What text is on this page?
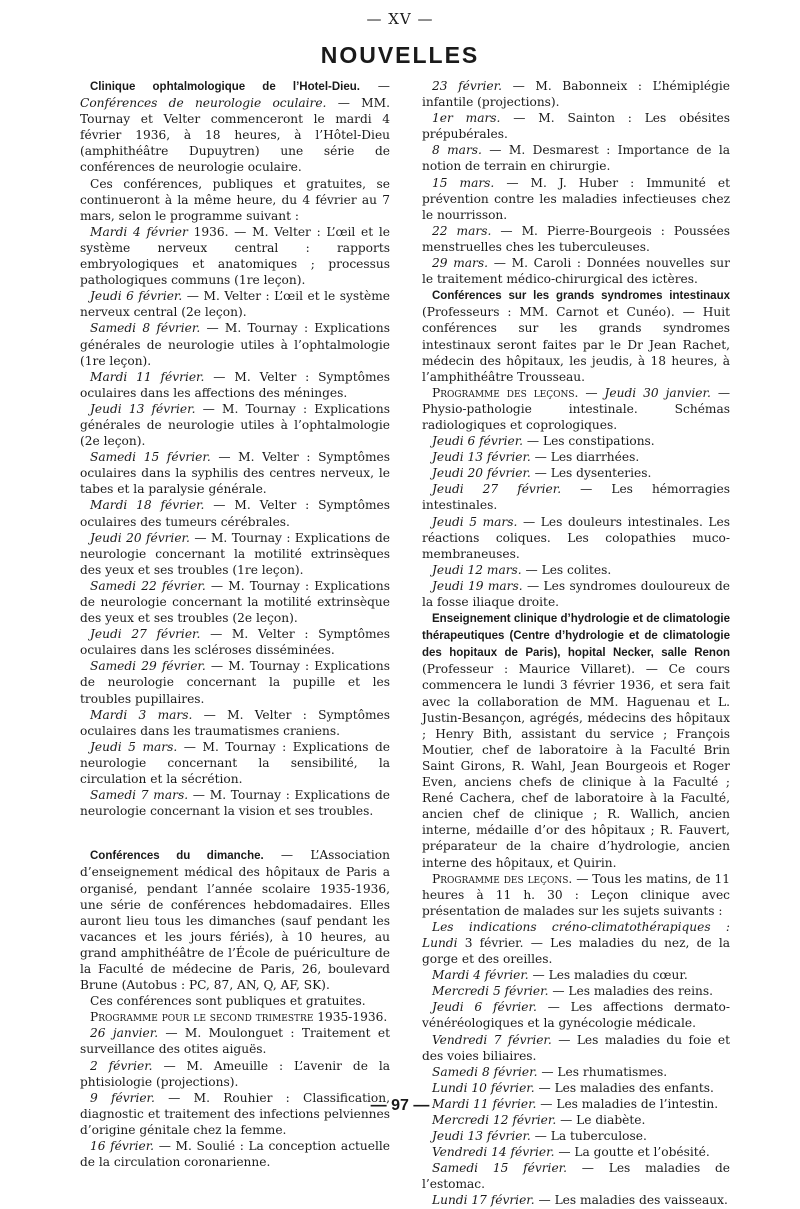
— XV —
NOUVELLES

Clinique ophtalmologique de l’Hotel-Dieu. — Conférences de neurologie oculaire. — MM. Tournay et Velter commenceront le mardi 4 février 1936, à 18 heures, à l’Hôtel-Dieu (amphithéâtre Dupuytren) une série de conférences de neurologie oculaire.

Ces conférences, publiques et gratuites, se continueront à la même heure, du 4 février au 7 mars, selon le programme suivant :

Mardi 4 février 1936. — M. Velter : L’œil et le système nerveux central : rapports embryologiques et anatomiques ; processus pathologiques communs (1re leçon).

Jeudi 6 février. — M. Velter : L’œil et le système nerveux central (2e leçon).

Samedi 8 février. — M. Tournay : Explications générales de neurologie utiles à l’ophtalmologie (1re leçon).

Mardi 11 février. — M. Velter : Symptômes oculaires dans les affections des méninges.

Jeudi 13 février. — M. Tournay : Explications générales de neurologie utiles à l’ophtalmologie (2e leçon).

Samedi 15 février. — M. Velter : Symptômes oculaires dans la syphilis des centres nerveux, le tabes et la paralysie générale.

Mardi 18 février. — M. Velter : Symptômes oculaires des tumeurs cérébrales.

Jeudi 20 février. — M. Tournay : Explications de neurologie concernant la motilité extrinsèques des yeux et ses troubles (1re leçon).

Samedi 22 février. — M. Tournay : Explications de neurologie concernant la motilité extrinsèque des yeux et ses troubles (2e leçon).

Jeudi 27 février. — M. Velter : Symptômes oculaires dans les scléroses disséminées.

Samedi 29 février. — M. Tournay : Explications de neurologie concernant la pupille et les troubles pupillaires.

Mardi 3 mars. — M. Velter : Symptômes oculaires dans les traumatismes craniens.

Jeudi 5 mars. — M. Tournay : Explications de neurologie concernant la sensibilité, la circulation et la sécrétion.

Samedi 7 mars. — M. Tournay : Explications de neurologie concernant la vision et ses troubles.

Conférences du dimanche. — L’Association d’enseignement médical des hôpitaux de Paris a organisé, pendant l’année scolaire 1935-1936, une série de conférences hebdomadaires. Elles auront lieu tous les dimanches (sauf pendant les vacances et les jours fériés), à 10 heures, au grand amphithéâtre de l’École de puériculture de la Faculté de médecine de Paris, 26, boulevard Brune (Autobus : PC, 87, AN, Q, AF, SK).

Ces conférences sont publiques et gratuites.

Programme pour le second trimestre 1935-1936.

26 janvier. — M. Moulonguet : Traitement et surveillance des otites aiguës.

2 février. — M. Ameuille : L’avenir de la phtisiologie (projections).

9 février. — M. Rouhier : Classification, diagnostic et traitement des infections pelviennes d’origine génitale chez la femme.

16 février. — M. Soulié : La conception actuelle de la circulation coronarienne.

23 février. — M. Babonneix : L’hémiplégie infantile (projections).

1er mars. — M. Sainton : Les obésites prépubérales.

8 mars. — M. Desmarest : Importance de la notion de terrain en chirurgie.

15 mars. — M. J. Huber : Immunité et prévention contre les maladies infectieuses chez le nourrisson.

22 mars. — M. Pierre-Bourgeois : Poussées menstruelles ches les tuberculeuses.

29 mars. — M. Caroli : Données nouvelles sur le traitement médico-chirurgical des ictères.

Conférences sur les grands syndromes intestinaux (Professeurs : MM. Carnot et Cunéo). — Huit conférences sur les grands syndromes intestinaux seront faites par le Dr Jean Rachet, médecin des hôpitaux, les jeudis, à 18 heures, à l’amphithéâtre Trousseau.

Programme des leçons. — Jeudi 30 janvier. — Physio-pathologie intestinale. Schémas radiologiques et coprologiques.

Jeudi 6 février. — Les constipations.

Jeudi 13 février. — Les diarrhées.

Jeudi 20 février. — Les dysenteries.

Jeudi 27 février. — Les hémorragies intestinales.

Jeudi 5 mars. — Les douleurs intestinales. Les réactions coliques. Les colopathies muco-membraneuses.

Jeudi 12 mars. — Les colites.

Jeudi 19 mars. — Les syndromes douloureux de la fosse iliaque droite.

Enseignement clinique d’hydrologie et de climatologie thérapeutiques (Centre d’hydrologie et de climatologie des hopitaux de Paris), hopital Necker, salle Renon (Professeur : Maurice Villaret). — Ce cours commencera le lundi 3 février 1936, et sera fait avec la collaboration de MM. Haguenau et L. Justin-Besançon, agrégés, médecins des hôpitaux ; Henry Bith, assistant du service ; François Moutier, chef de laboratoire à la Faculté Brin Saint Girons, R. Wahl, Jean Bourgeois et Roger Even, anciens chefs de clinique à la Faculté ; René Cachera, chef de laboratoire à la Faculté, ancien chef de clinique ; R. Wallich, ancien interne, médaille d’or des hôpitaux ; R. Fauvert, préparateur de la chaire d’hydrologie, ancien interne des hôpitaux, et Quirin.

Programme des leçons. — Tous les matins, de 11 heures à 11 h. 30 : Leçon clinique avec présentation de malades sur les sujets suivants :

Les indications créno-climatothérapiques : Lundi 3 février. — Les maladies du nez, de la gorge et des oreilles.

Mardi 4 février. — Les maladies du cœur.

Mercredi 5 février. — Les maladies des reins.

Jeudi 6 février. — Les affections dermato-vénéréologiques et la gynécologie médicale.

Vendredi 7 février. — Les maladies du foie et des voies biliaires.

Samedi 8 février. — Les rhumatismes.

Lundi 10 février. — Les maladies des enfants.

Mardi 11 février. — Les maladies de l’intestin.

Mercredi 12 février. — Le diabète.

Jeudi 13 février. — La tuberculose.

Vendredi 14 février. — La goutte et l’obésité.

Samedi 15 février. — Les maladies de l’estomac.

Lundi 17 février. — Les maladies des vaisseaux.

— 97 —
